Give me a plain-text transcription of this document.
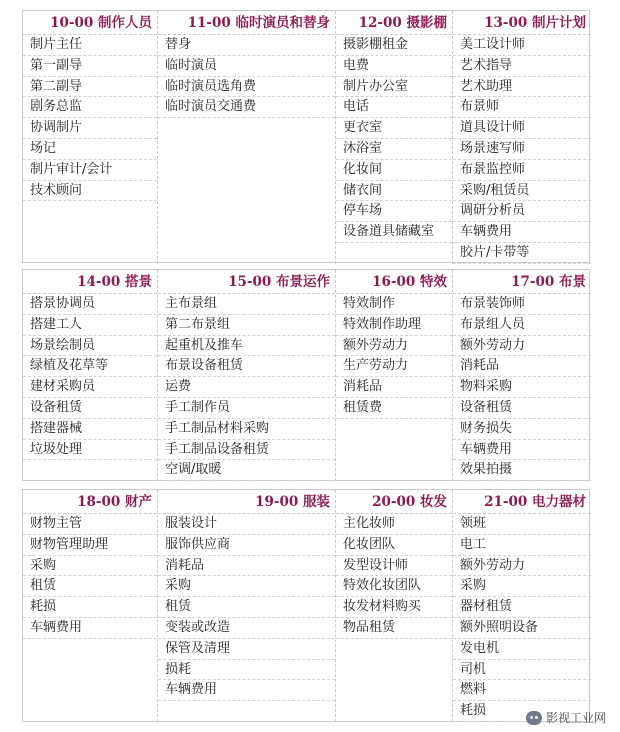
10-00 制作人员
制片主任
第一副导
第二副导
剧务总监
协调制片
场记
制片审计/会计
技术顾问
11-00 临时演员和替身
替身
临时演员
临时演员选角费
临时演员交通费
12-00 摄影棚
摄影棚租金
电费
制片办公室
电话
更衣室
沐浴室
化妆间
储衣间
停车场
设备道具储藏室
13-00 制片计划
美工设计师
艺术指导
艺术助理
布景师
道具设计师
场景速写师
布景监控师
采购/租赁员
调研分析员
车辆费用
胶片/卡带等
14-00 搭景
搭景协调员
搭建工人
场景绘制员
绿植及花草等
建材采购员
设备租赁
搭建器械
垃圾处理
15-00 布景运作
主布景组
第二布景组
起重机及推车
布景设备租赁
运费
手工制作员
手工制品材料采购
手工制品设备租赁
空调/取暖
16-00 特效
特效制作
特效制作助理
额外劳动力
生产劳动力
消耗品
租赁费
17-00 布景
布景装饰师
布景组人员
额外劳动力
消耗品
物料采购
设备租赁
财务损失
车辆费用
效果拍摄
18-00 财产
财物主管
财物管理助理
采购
租赁
耗损
车辆费用
19-00 服装
服装设计
服饰供应商
消耗品
采购
租赁
变装或改造
保管及清理
损耗
车辆费用
20-00 妆发
主化妆师
化妆团队
发型设计师
特效化妆团队
妆发材料购买
物品租赁
21-00 电力器材
领班
电工
额外劳动力
采购
器材租赁
额外照明设备
发电机
司机
燃料
耗损	影视工业网
